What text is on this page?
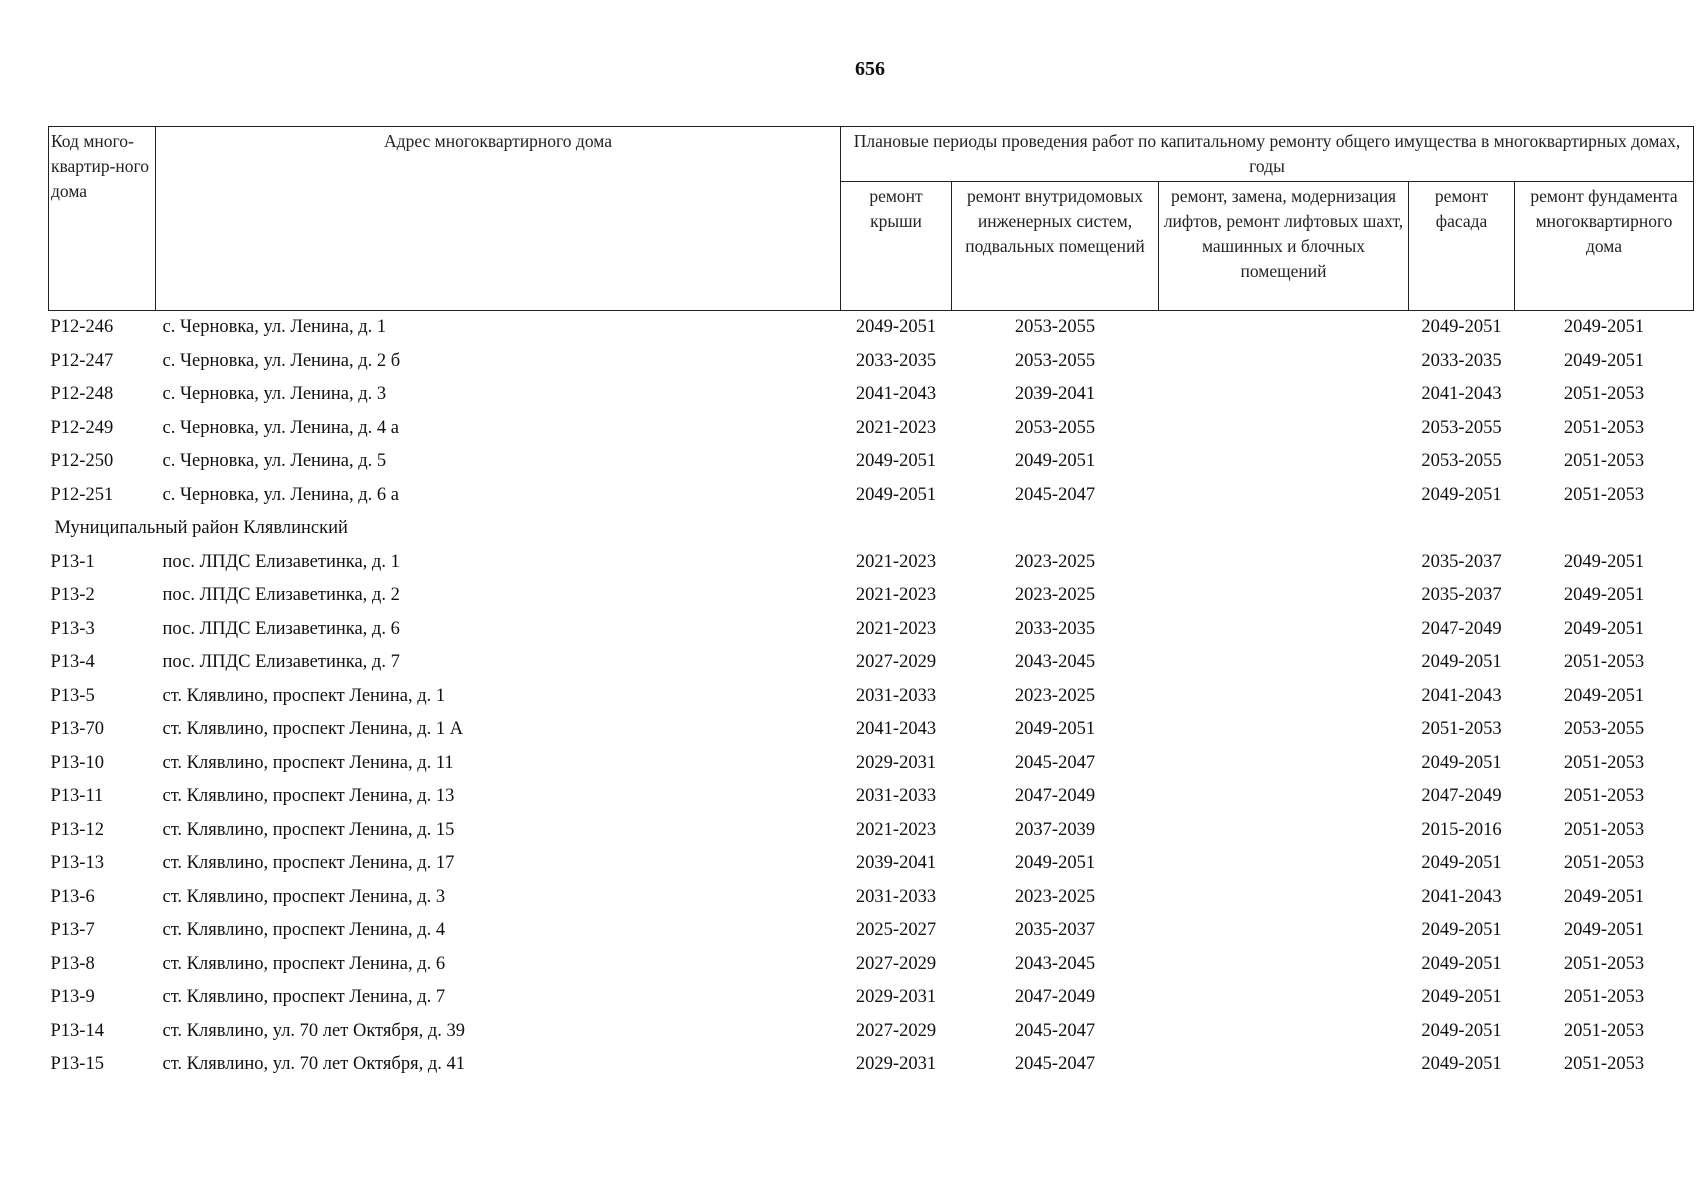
656
Код много-квартир-ного дома	Адрес многоквартирного дома	Плановые периоды проведения работ по капитальному ремонту общего имущества в многоквартирных домах, годы				
		ремонт крыши	ремонт внутридомовых инженерных систем, подвальных помещений	ремонт, замена, модернизация лифтов, ремонт лифтовых шахт, машинных и блочных помещений	ремонт фасада	ремонт фундамента многоквартирного дома
P12-246	с. Черновка, ул. Ленина, д. 1	2049-2051	2053-2055		2049-2051	2049-2051
P12-247	с. Черновка, ул. Ленина, д. 2 б	2033-2035	2053-2055		2033-2035	2049-2051
P12-248	с. Черновка, ул. Ленина, д. 3	2041-2043	2039-2041		2041-2043	2051-2053
P12-249	с. Черновка, ул. Ленина, д. 4 а	2021-2023	2053-2055		2053-2055	2051-2053
P12-250	с. Черновка, ул. Ленина, д. 5	2049-2051	2049-2051		2053-2055	2051-2053
P12-251	с. Черновка, ул. Ленина, д. 6 а	2049-2051	2045-2047		2049-2051	2051-2053
Муниципальный район Клявлинский						
P13-1	пос. ЛПДС Елизаветинка, д. 1	2021-2023	2023-2025		2035-2037	2049-2051
P13-2	пос. ЛПДС Елизаветинка, д. 2	2021-2023	2023-2025		2035-2037	2049-2051
P13-3	пос. ЛПДС Елизаветинка, д. 6	2021-2023	2033-2035		2047-2049	2049-2051
P13-4	пос. ЛПДС Елизаветинка, д. 7	2027-2029	2043-2045		2049-2051	2051-2053
P13-5	ст. Клявлино, проспект Ленина, д. 1	2031-2033	2023-2025		2041-2043	2049-2051
P13-70	ст. Клявлино, проспект Ленина, д. 1 А	2041-2043	2049-2051		2051-2053	2053-2055
P13-10	ст. Клявлино, проспект Ленина, д. 11	2029-2031	2045-2047		2049-2051	2051-2053
P13-11	ст. Клявлино, проспект Ленина, д. 13	2031-2033	2047-2049		2047-2049	2051-2053
P13-12	ст. Клявлино, проспект Ленина, д. 15	2021-2023	2037-2039		2015-2016	2051-2053
P13-13	ст. Клявлино, проспект Ленина, д. 17	2039-2041	2049-2051		2049-2051	2051-2053
P13-6	ст. Клявлино, проспект Ленина, д. 3	2031-2033	2023-2025		2041-2043	2049-2051
P13-7	ст. Клявлино, проспект Ленина, д. 4	2025-2027	2035-2037		2049-2051	2049-2051
P13-8	ст. Клявлино, проспект Ленина, д. 6	2027-2029	2043-2045		2049-2051	2051-2053
P13-9	ст. Клявлино, проспект Ленина, д. 7	2029-2031	2047-2049		2049-2051	2051-2053
P13-14	ст. Клявлино, ул. 70 лет Октября, д. 39	2027-2029	2045-2047		2049-2051	2051-2053
P13-15	ст. Клявлино, ул. 70 лет Октября, д. 41	2029-2031	2045-2047		2049-2051	2051-2053
